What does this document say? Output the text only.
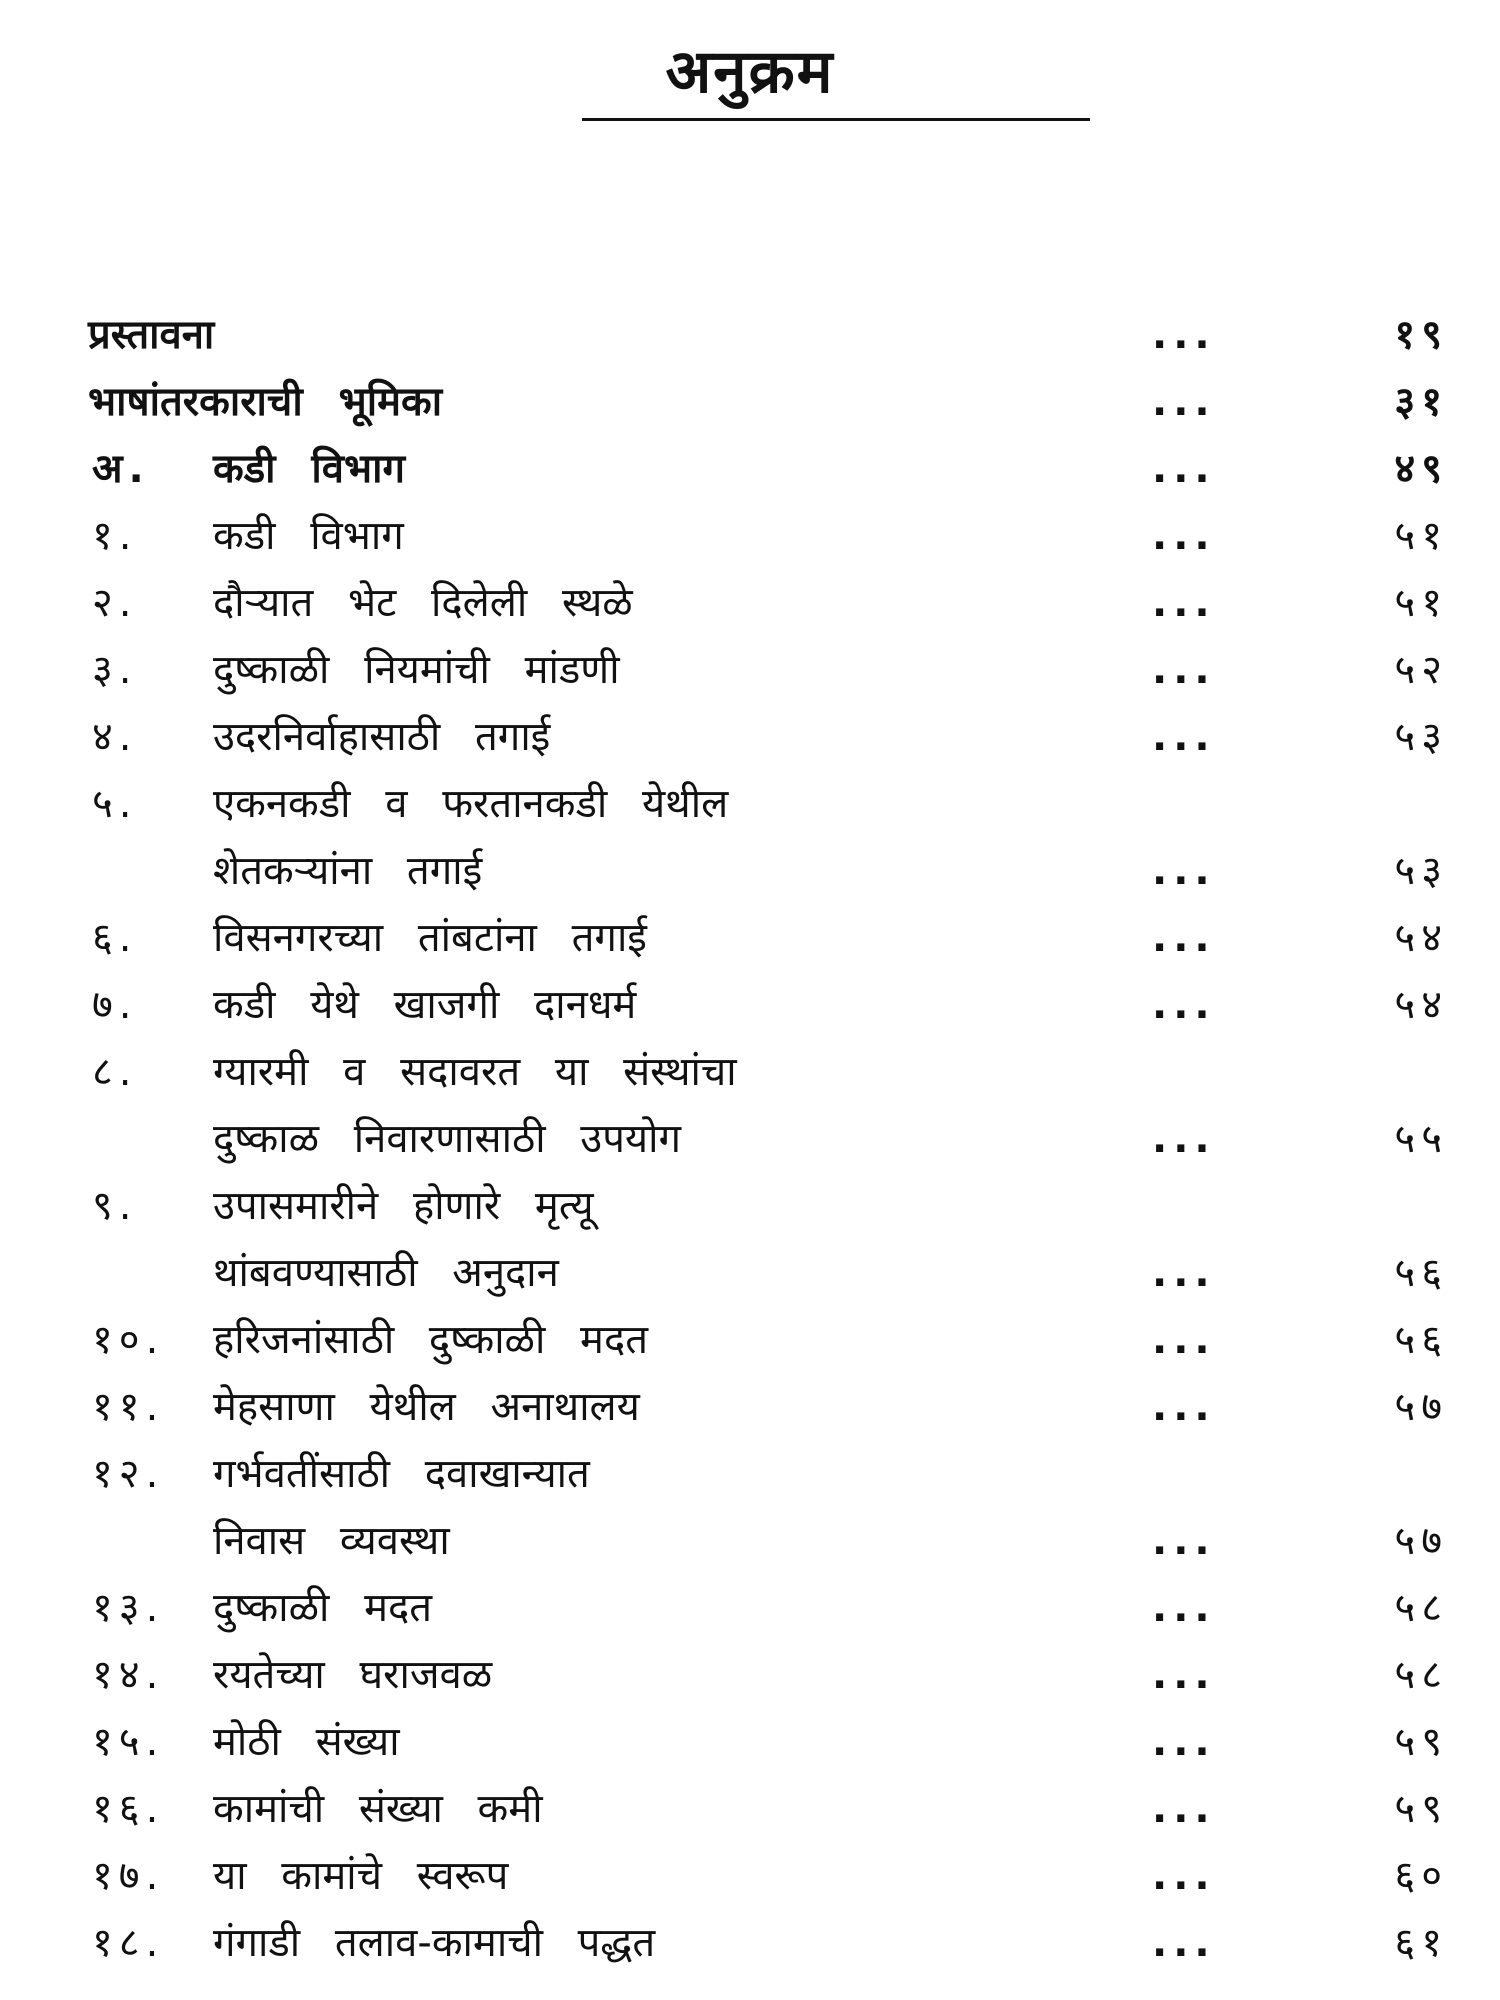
अनुक्रम
प्रस्तावना	...	१९
भाषांतरकाराची भूमिका	...	३१
अ. कडी विभाग	...	४९
१. कडी विभाग	...	५१
२. दौऱ्यात भेट दिलेली स्थळे	...	५१
३. दुष्काळी नियमांची मांडणी	...	५२
४. उदरनिर्वाहासाठी तगाई	...	५३
५. एकनकडी व फरतानकडी येथील
शेतकऱ्यांना तगाई	...	५३
६. विसनगरच्या तांबटांना तगाई	...	५४
७. कडी येथे खाजगी दानधर्म	...	५४
८. ग्यारमी व सदावरत या संस्थांचा
दुष्काळ निवारणासाठी उपयोग	...	५५
९. उपासमारीने होणारे मृत्यू
थांबवण्यासाठी अनुदान	...	५६
१०. हरिजनांसाठी दुष्काळी मदत	...	५६
११. मेहसाणा येथील अनाथालय	...	५७
१२. गर्भवतींसाठी दवाखान्यात
निवास व्यवस्था	...	५७
१३. दुष्काळी मदत	...	५८
१४. रयतेच्या घराजवळ	...	५८
१५. मोठी संख्या	...	५९
१६. कामांची संख्या कमी	...	५९
१७. या कामांचे स्वरूप	...	६०
१८. गंगाडी तलाव-कामाची पद्धत	...	६१
